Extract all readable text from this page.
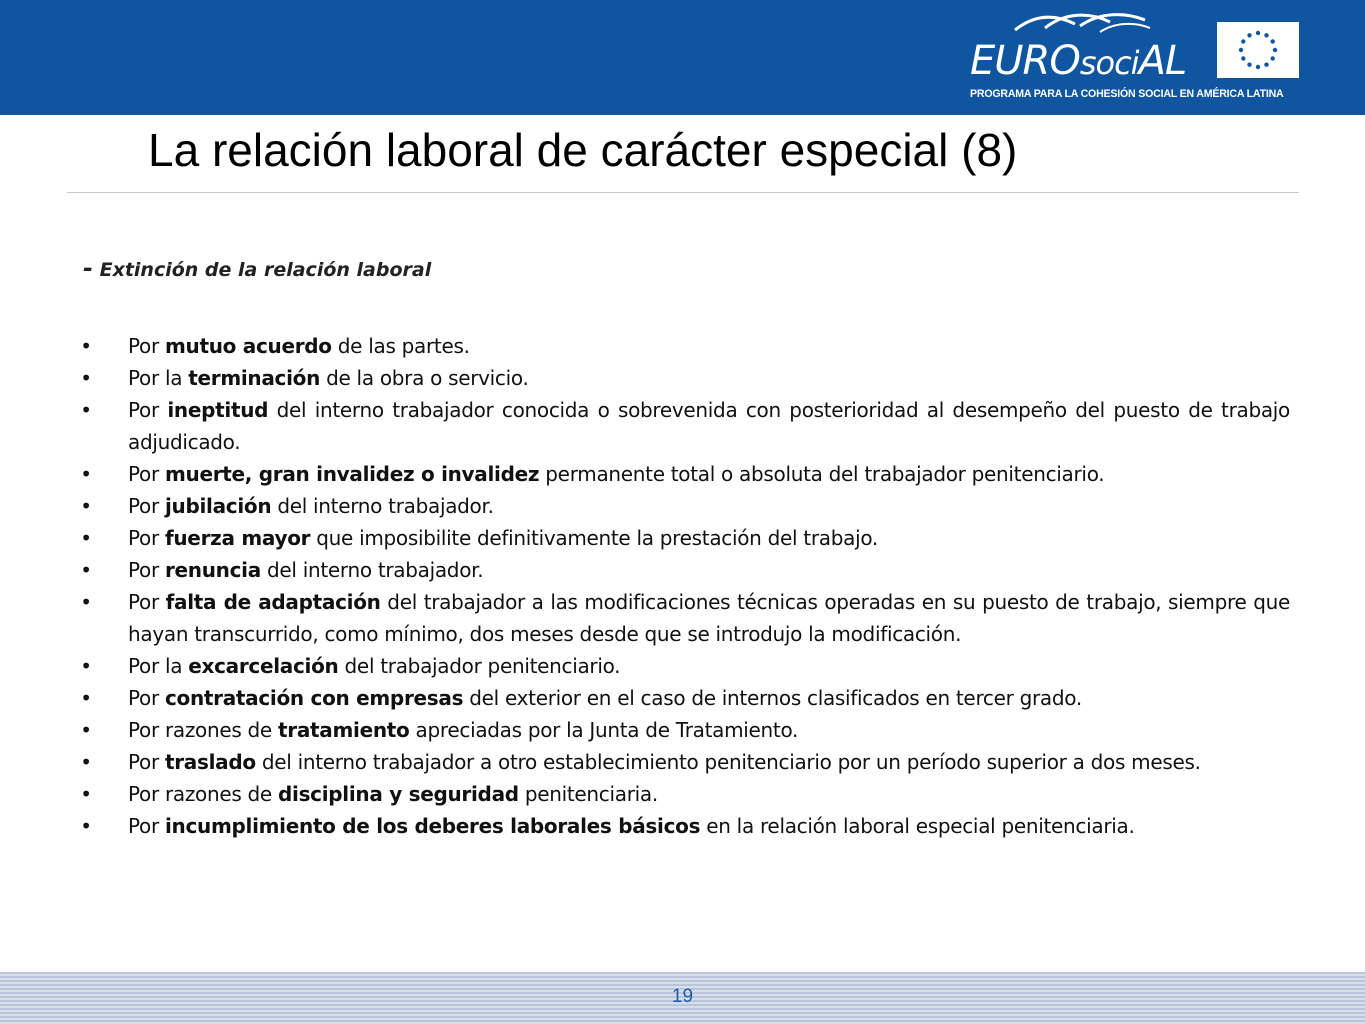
EUROsociAL
PROGRAMA PARA LA COHESIÓN SOCIAL EN AMÉRICA LATINA
La relación laboral de carácter especial (8)
- Extinción de la relación laboral
• Por mutuo acuerdo de las partes.
• Por la terminación de la obra o servicio.
• Por ineptitud del interno trabajador conocida o sobrevenida con posterioridad al desempeño del puesto de trabajo adjudicado.
• Por muerte, gran invalidez o invalidez permanente total o absoluta del trabajador penitenciario.
• Por jubilación del interno trabajador.
• Por fuerza mayor que imposibilite definitivamente la prestación del trabajo.
• Por renuncia del interno trabajador.
• Por falta de adaptación del trabajador a las modificaciones técnicas operadas en su puesto de trabajo, siempre que hayan transcurrido, como mínimo, dos meses desde que se introdujo la modificación.
• Por la excarcelación del trabajador penitenciario.
• Por contratación con empresas del exterior en el caso de internos clasificados en tercer grado.
• Por razones de tratamiento apreciadas por la Junta de Tratamiento.
• Por traslado del interno trabajador a otro establecimiento penitenciario por un período superior a dos meses.
• Por razones de disciplina y seguridad penitenciaria.
• Por incumplimiento de los deberes laborales básicos en la relación laboral especial penitenciaria.
19
